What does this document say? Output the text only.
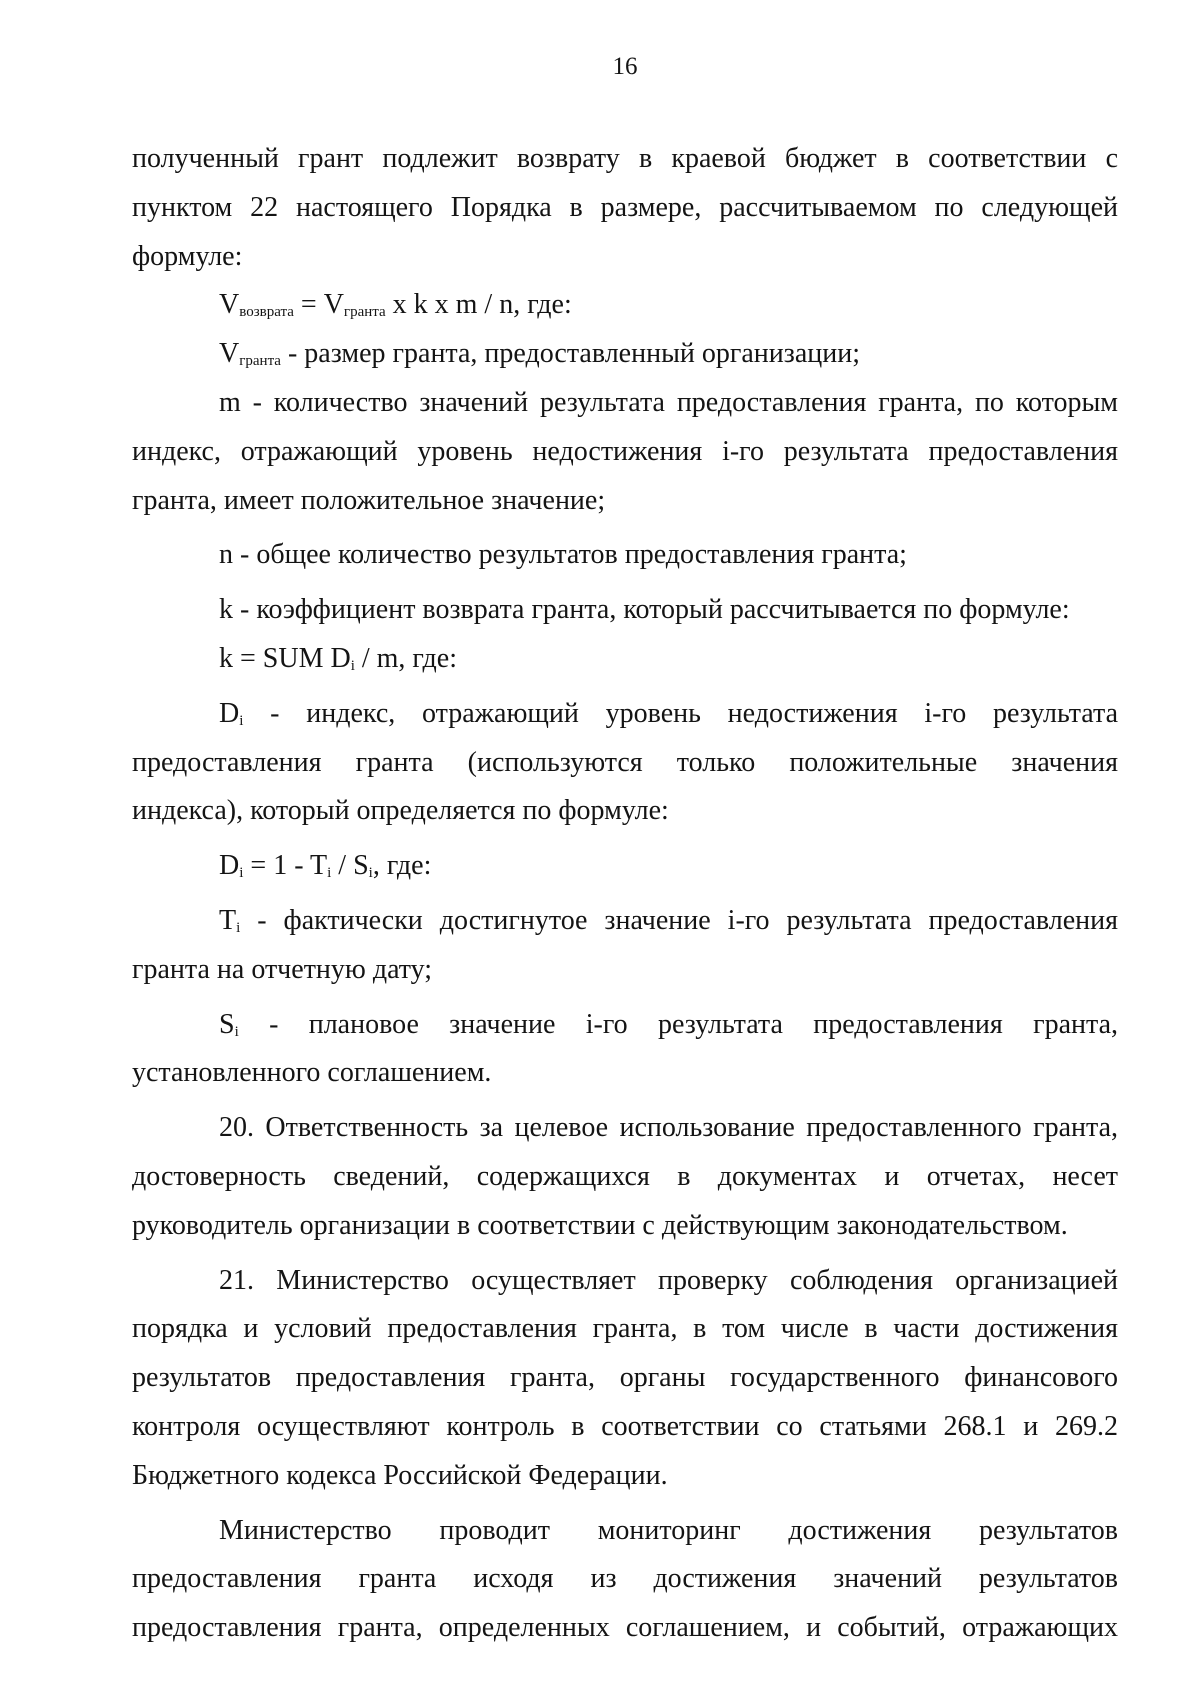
16

полученный грант подлежит возврату в краевой бюджет в соответствии с

пунктом 22 настоящего Порядка в размере, рассчитываемом по следующей

формуле:

$V_{возврата} = V_{гранта}$ x k x m / n, где:

$V_{гранта}$ - размер гранта, предоставленный организации;

m - количество значений результата предоставления гранта, по которым

индекс, отражающий уровень недостижения i-го результата предоставления

гранта, имеет положительное значение;

n - общее количество результатов предоставления гранта;

k - коэффициент возврата гранта, который рассчитывается по формуле:

k = SUM $D_i$ / m, где:

$D_i$ - индекс, отражающий уровень недостижения i-го результата

предоставления гранта (используются только положительные значения

индекса), который определяется по формуле:

$D_i = 1 - T_i / S_i$, где:

$T_i$ - фактически достигнутое значение i-го результата предоставления

гранта на отчетную дату;

$S_i$ - плановое значение i-го результата предоставления гранта,

установленного соглашением.

20. Ответственность за целевое использование предоставленного гранта,

достоверность сведений, содержащихся в документах и отчетах, несет

руководитель организации в соответствии с действующим законодательством.

21. Министерство осуществляет проверку соблюдения организацией

порядка и условий предоставления гранта, в том числе в части достижения

результатов предоставления гранта, органы государственного финансового

контроля осуществляют контроль в соответствии со статьями 268.1 и 269.2

Бюджетного кодекса Российской Федерации.

Министерство проводит мониторинг достижения результатов

предоставления гранта исходя из достижения значений результатов

предоставления гранта, определенных соглашением, и событий, отражающих
